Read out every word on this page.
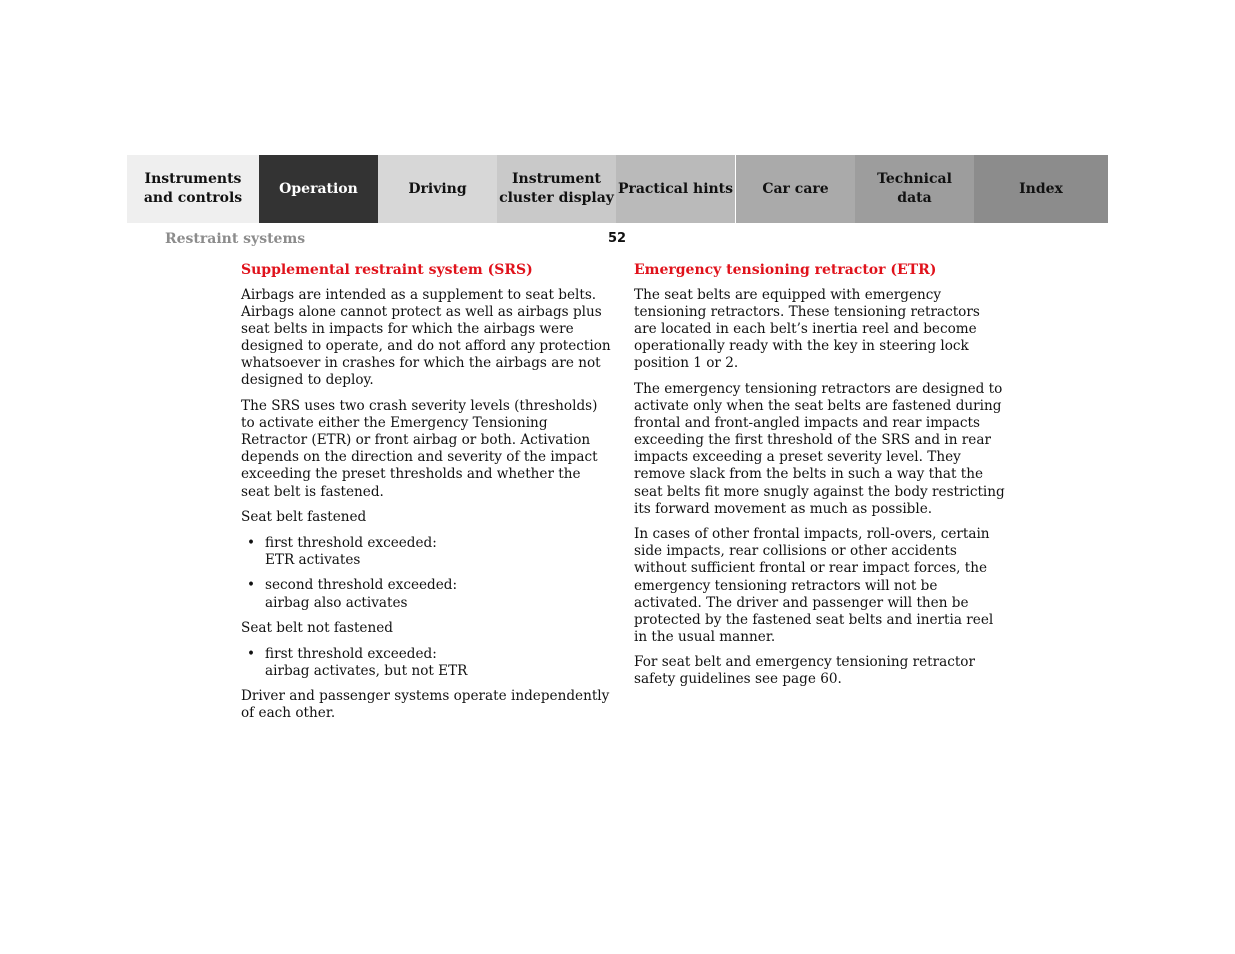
Instruments
and controls
Operation	Driving
Instrument
cluster display
Practical hints	Car care
Technical
data
Index
Restraint systems	52
Supplemental restraint system (SRS)
Airbags are intended as a supplement to seat belts. Airbags alone cannot protect as well as airbags plus seat belts in impacts for which the airbags were designed to operate, and do not afford any protection whatsoever in crashes for which the airbags are not designed to deploy.
The SRS uses two crash severity levels (thresholds) to activate either the Emergency Tensioning Retractor (ETR) or front airbag or both. Activation depends on the direction and severity of the impact exceeding the preset thresholds and whether the seat belt is fastened.
Seat belt fastened
• first threshold exceeded:
ETR activates
• second threshold exceeded:
airbag also activates
Seat belt not fastened
• first threshold exceeded:
airbag activates, but not ETR
Driver and passenger systems operate independently of each other.
Emergency tensioning retractor (ETR)
The seat belts are equipped with emergency tensioning retractors. These tensioning retractors are located in each belt’s inertia reel and become operationally ready with the key in steering lock position 1 or 2.
The emergency tensioning retractors are designed to activate only when the seat belts are fastened during frontal and front-angled impacts and rear impacts exceeding the first threshold of the SRS and in rear impacts exceeding a preset severity level. They remove slack from the belts in such a way that the seat belts fit more snugly against the body restricting its forward movement as much as possible.
In cases of other frontal impacts, roll-overs, certain side impacts, rear collisions or other accidents without sufficient frontal or rear impact forces, the emergency tensioning retractors will not be activated. The driver and passenger will then be protected by the fastened seat belts and inertia reel in the usual manner.
For seat belt and emergency tensioning retractor safety guidelines see page 60.
